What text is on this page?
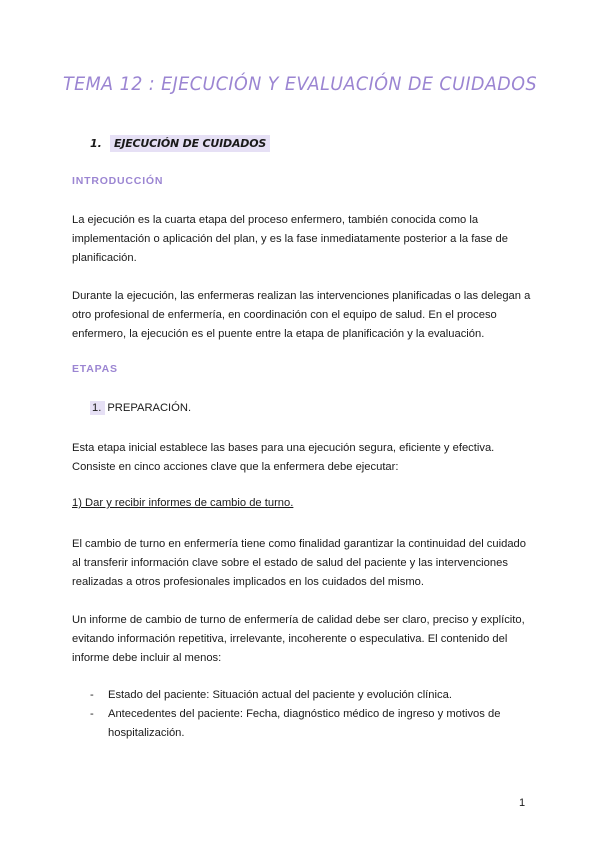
TEMA 12 : EJECUCIÓN Y EVALUACIÓN DE CUIDADOS
1.	EJECUCIÓN DE CUIDADOS
INTRODUCCIÓN
La ejecución es la cuarta etapa del proceso enfermero, también conocida como la implementación o aplicación del plan, y es la fase inmediatamente posterior a la fase de planificación.
Durante la ejecución, las enfermeras realizan las intervenciones planificadas o las delegan a otro profesional de enfermería, en coordinación con el equipo de salud. En el proceso enfermero, la ejecución es el puente entre la etapa de planificación y la evaluación.
ETAPAS
1. PREPARACIÓN.
Esta etapa inicial establece las bases para una ejecución segura, eficiente y efectiva. Consiste en cinco acciones clave que la enfermera debe ejecutar:
1) Dar y recibir informes de cambio de turno.
El cambio de turno en enfermería tiene como finalidad garantizar la continuidad del cuidado al transferir información clave sobre el estado de salud del paciente y las intervenciones realizadas a otros profesionales implicados en los cuidados del mismo.
Un informe de cambio de turno de enfermería de calidad debe ser claro, preciso y explícito, evitando información repetitiva, irrelevante, incoherente o especulativa. El contenido del informe debe incluir al menos:
-	Estado del paciente: Situación actual del paciente y evolución clínica.
-	Antecedentes del paciente: Fecha, diagnóstico médico de ingreso y motivos de hospitalización.
1
